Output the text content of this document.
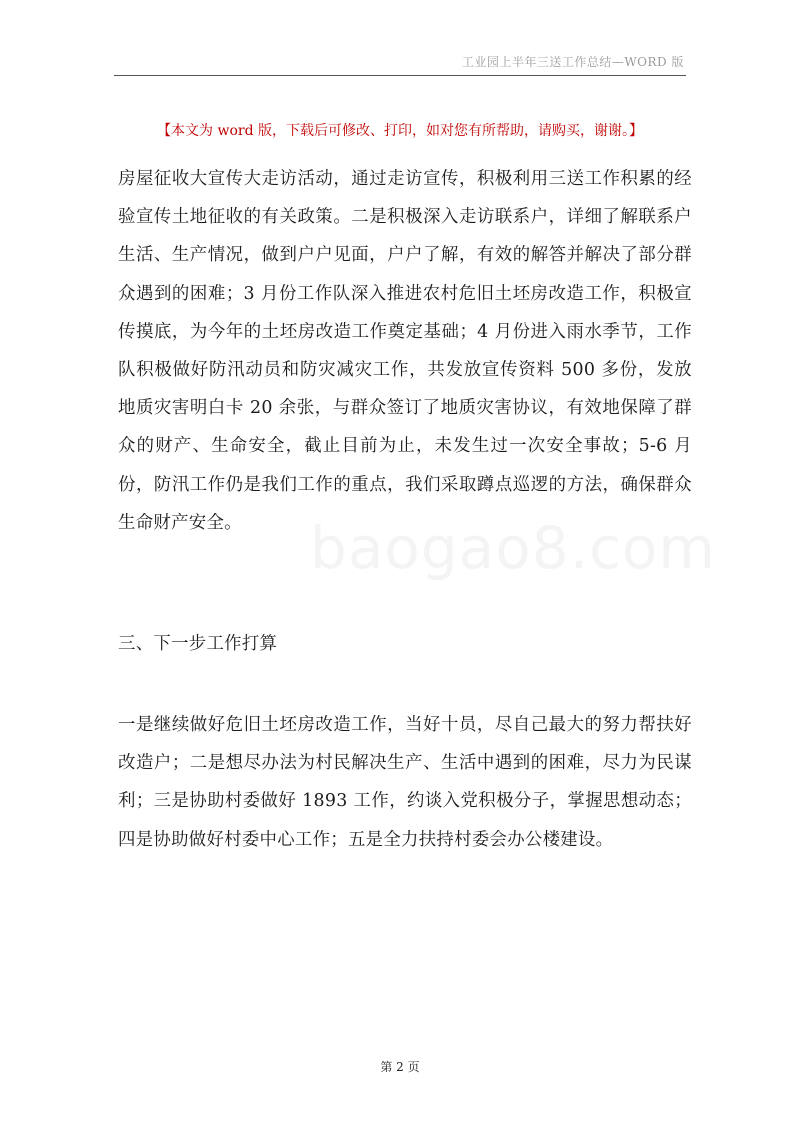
工业园上半年三送工作总结—WORD 版
【本文为 word 版，下载后可修改、打印，如对您有所帮助，请购买，谢谢。】

房屋征收大宣传大走访活动，通过走访宣传，积极利用三送工作积累的经验宣传土地征收的有关政策。二是积极深入走访联系户，详细了解联系户生活、生产情况，做到户户见面，户户了解，有效的解答并解决了部分群众遇到的困难；3 月份工作队深入推进农村危旧土坯房改造工作，积极宣传摸底，为今年的土坯房改造工作奠定基础；4 月份进入雨水季节，工作队积极做好防汛动员和防灾减灾工作，共发放宣传资料 500 多份，发放地质灾害明白卡 20 余张，与群众签订了地质灾害协议，有效地保障了群众的财产、生命安全，截止目前为止，未发生过一次安全事故；5-6 月份，防汛工作仍是我们工作的重点，我们采取蹲点巡逻的方法，确保群众生命财产安全。	baogao8.com

三、下一步工作打算

一是继续做好危旧土坯房改造工作，当好十员，尽自己最大的努力帮扶好改造户；二是想尽办法为村民解决生产、生活中遇到的困难，尽力为民谋利；三是协助村委做好 1893 工作，约谈入党积极分子，掌握思想动态；四是协助做好村委中心工作；五是全力扶持村委会办公楼建设。

第 2 页
